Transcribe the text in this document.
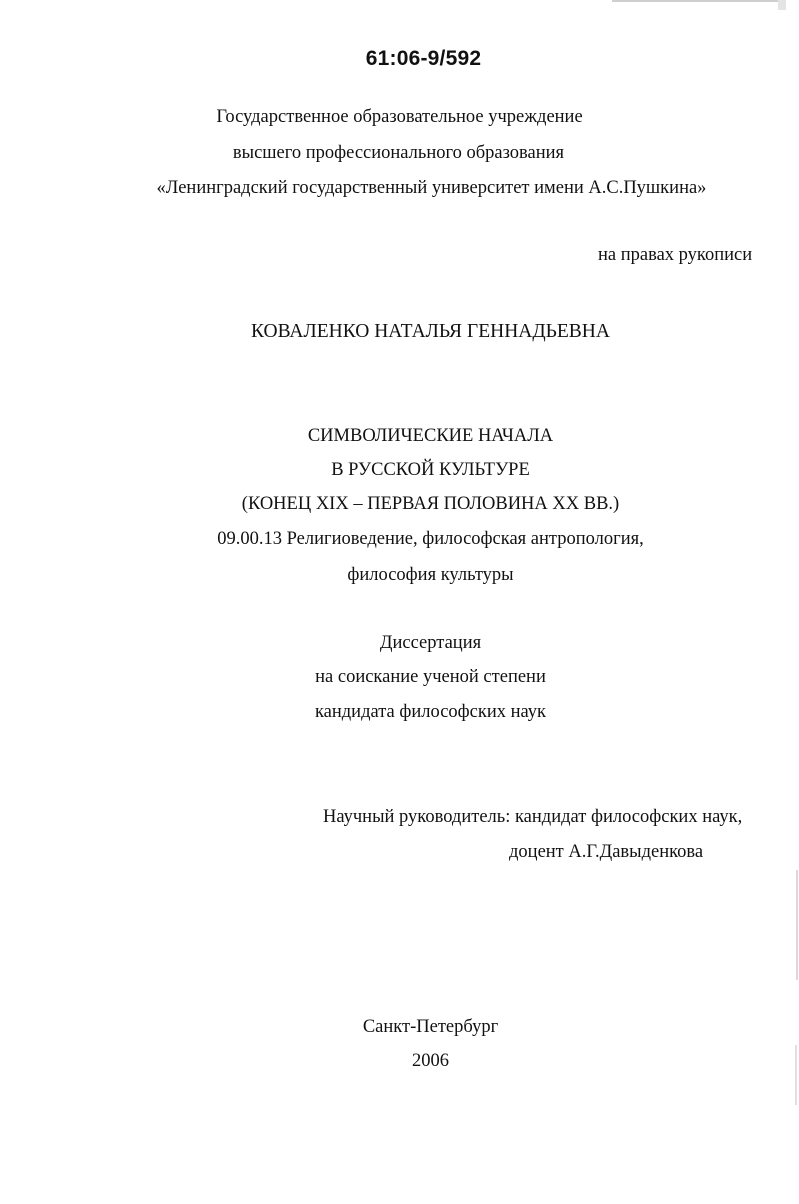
61:06-9/592
Государственное образовательное учреждение
высшего профессионального образования
«Ленинградский государственный университет имени А.С.Пушкина»
на правах рукописи
КОВАЛЕНКО НАТАЛЬЯ ГЕННАДЬЕВНА
СИМВОЛИЧЕСКИЕ НАЧАЛА
В РУССКОЙ КУЛЬТУРЕ
(КОНЕЦ XIX – ПЕРВАЯ ПОЛОВИНА XX ВВ.)
09.00.13 Религиоведение, философская антропология,
философия культуры
Диссертация
на соискание ученой степени
кандидата философских наук
Научный руководитель: кандидат философских наук,
доцент А.Г.Давыденкова
Санкт-Петербург
2006
